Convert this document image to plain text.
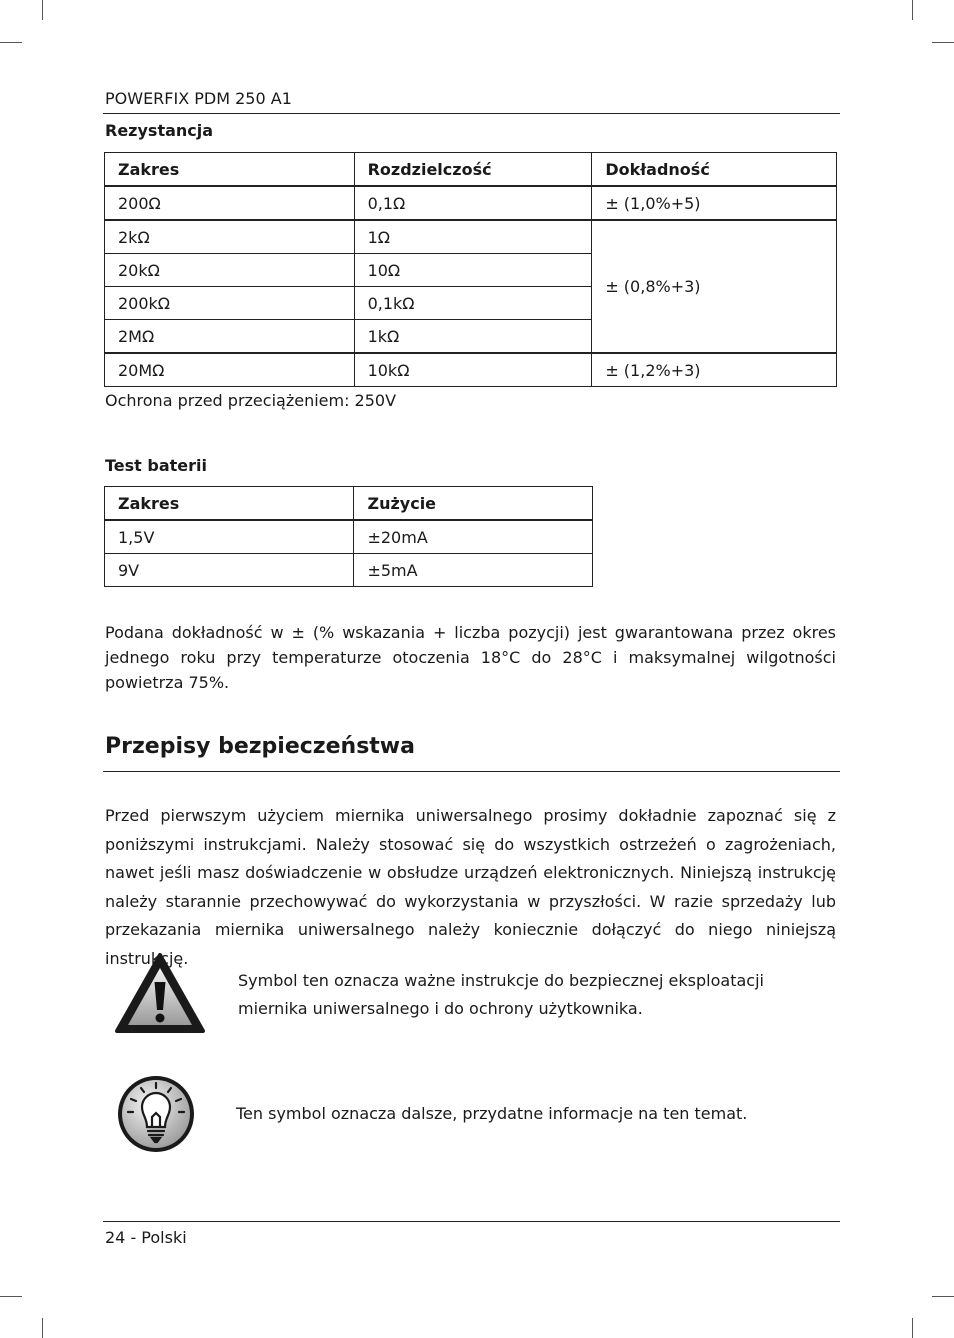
POWERFIX PDM 250 A1
Rezystancja
Zakres	Rozdzielczość	Dokładność
200Ω	0,1Ω	± (1,0%+5)
2kΩ	1Ω	± (0,8%+3)
20kΩ	10Ω	
200kΩ	0,1kΩ	
2MΩ	1kΩ	
20MΩ	10kΩ	± (1,2%+3)
Ochrona przed przeciążeniem: 250V
Test baterii
Zakres	Zużycie
1,5V	±20mA
9V	±5mA
Podana dokładność w ± (% wskazania + liczba pozycji) jest gwarantowana przez okres jednego roku przy temperaturze otoczenia 18°C do 28°C i maksymalnej wilgotności powietrza 75%.
Przepisy bezpieczeństwa
Przed pierwszym użyciem miernika uniwersalnego prosimy dokładnie zapoznać się z poniższymi instrukcjami. Należy stosować się do wszystkich ostrzeżeń o zagrożeniach, nawet jeśli masz doświadczenie w obsłudze urządzeń elektronicznych. Niniejszą instrukcję należy starannie przechowywać do wykorzystania w przyszłości. W razie sprzedaży lub przekazania miernika uniwersalnego należy koniecznie dołączyć do niego niniejszą instrukcję.
Symbol ten oznacza ważne instrukcje do bezpiecznej eksploatacji miernika uniwersalnego i do ochrony użytkownika.
Ten symbol oznacza dalsze, przydatne informacje na ten temat.
24 - Polski
